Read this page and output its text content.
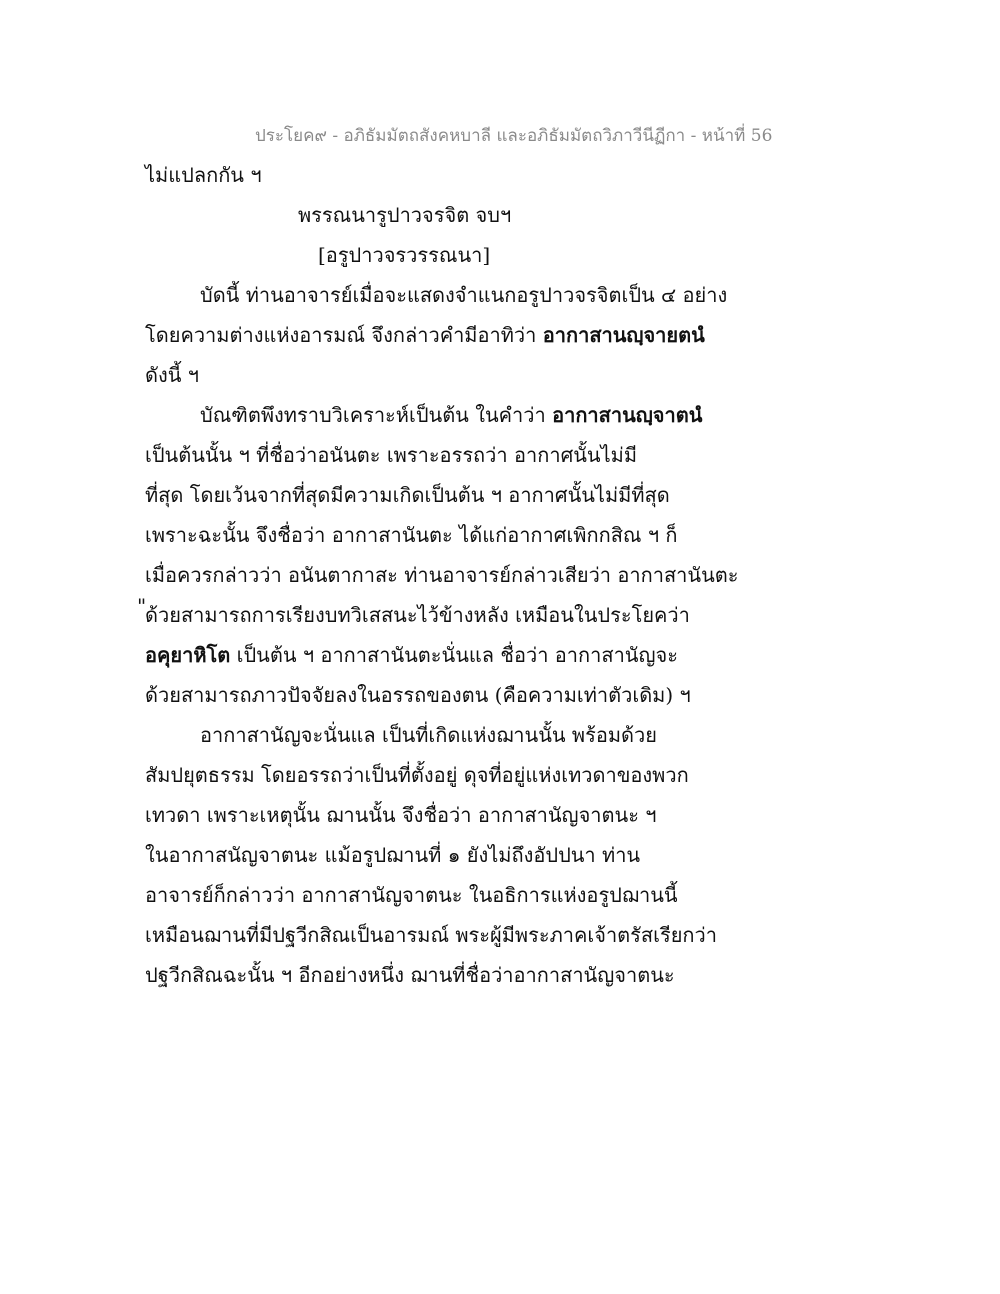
ประโยค๙ - อภิธัมมัตถสังคหบาลี และอภิธัมมัตถวิภาวีนีฏีกา - หน้าที่ 56
ไม่แปลกกัน ฯ
พรรณนารูปาวจรจิต จบฯ
[อรูปาวจรวรรณนา]
บัดนี้ ท่านอาจารย์เมื่อจะแสดงจำแนกอรูปาวจรจิตเป็น ๔ อย่าง
โดยความต่างแห่งอารมณ์ จึงกล่าวคำมีอาทิว่า อากาสานญฺจายตนํ
ดังนี้ ฯ
บัณฑิตพึงทราบวิเคราะห์เป็นต้น ในคำว่า อากาสานญฺจาตนํ
เป็นต้นนั้น ฯ ที่ชื่อว่าอนันตะ เพราะอรรถว่า อากาศนั้นไม่มี
ที่สุด โดยเว้นจากที่สุดมีความเกิดเป็นต้น ฯ อากาศนั้นไม่มีที่สุด
เพราะฉะนั้น จึงชื่อว่า อากาสานันตะ ได้แก่อากาศเพิกกสิณ ฯ ก็
เมื่อควรกล่าวว่า อนันตากาสะ ท่านอาจารย์กล่าวเสียว่า อากาสานันตะ
"
ด้วยสามารถการเรียงบทวิเสสนะไว้ข้างหลัง เหมือนในประโยคว่า
อคุยาหิโต เป็นต้น ฯ อากาสานันตะนั่นแล ชื่อว่า อากาสานัญจะ
ด้วยสามารถภาวปัจจัยลงในอรรถของตน (คือความเท่าตัวเดิม) ฯ
อากาสานัญจะนั่นแล เป็นที่เกิดแห่งฌานนั้น พร้อมด้วย
สัมปยุตธรรม โดยอรรถว่าเป็นที่ตั้งอยู่ ดุจที่อยู่แห่งเทวดาของพวก
เทวดา เพราะเหตุนั้น ฌานนั้น จึงชื่อว่า อากาสานัญจาตนะ ฯ
ในอากาสนัญจาตนะ แม้อรูปฌานที่ ๑ ยังไม่ถึงอัปปนา ท่าน
อาจารย์ก็กล่าวว่า อากาสานัญจาตนะ ในอธิการแห่งอรูปฌานนี้
เหมือนฌานที่มีปฐวีกสิณเป็นอารมณ์ พระผู้มีพระภาคเจ้าตรัสเรียกว่า
ปฐวีกสิณฉะนั้น ฯ อีกอย่างหนึ่ง ฌานที่ชื่อว่าอากาสานัญจาตนะ
